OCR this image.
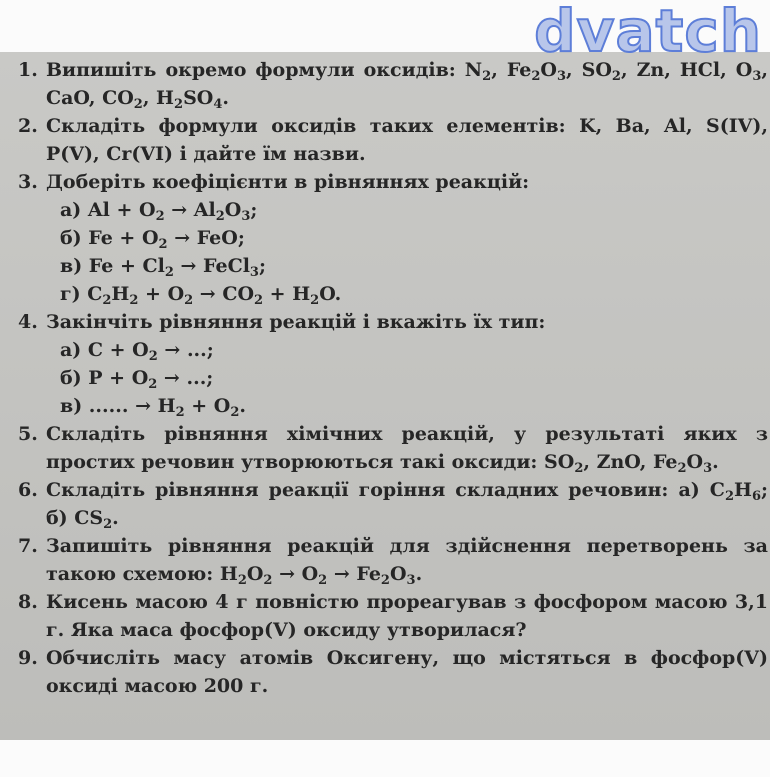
dvatch
1. Випишіть окремо формули оксидів: $N_2$, $Fe_2O_3$, $SO_2$, Zn, HCl, $O_3$, CaO, $CO_2$, $H_2SO_4$.
2. Складіть формули оксидів таких елементів: K, Ba, Al, S(IV), P(V), Cr(VI) і дайте їм назви.
3. Доберіть коефіцієнти в рівняннях реакцій:
а) $Al + O_2 \to Al_2O_3$;
б) $Fe + O_2$ → FeO;
в) $Fe + Cl_2$ → FeCl$_3$;
г) $C_2H_2 + O_2 \to CO_2 + H_2O$.
4. Закінчіть рівняння реакцій і вкажіть їх тип:
а) $C + O_2$ → ...;
б) $P + O_2$ → ...;
в) ...... → $H_2 + O_2$.
5. Складіть рівняння хімічних реакцій, у результаті яких з простих речовин утворюються такі оксиди: $SO_2$, ZnO, $Fe_2O_3$.
6. Складіть рівняння реакції горіння складних речовин: а) $C_2H_6$; б) $CS_2$.
7. Запишіть рівняння реакцій для здійснення перетворень за такою схемою: $H_2O_2 \to O_2 \to Fe_2O_3$.
8. Кисень масою 4 г повністю прореагував з фосфором масою 3,1 г. Яка маса фосфор(V) оксиду утворилася?
9. Обчисліть масу атомів Оксигену, що містяться в фосфор(V) оксиді масою 200 г.
